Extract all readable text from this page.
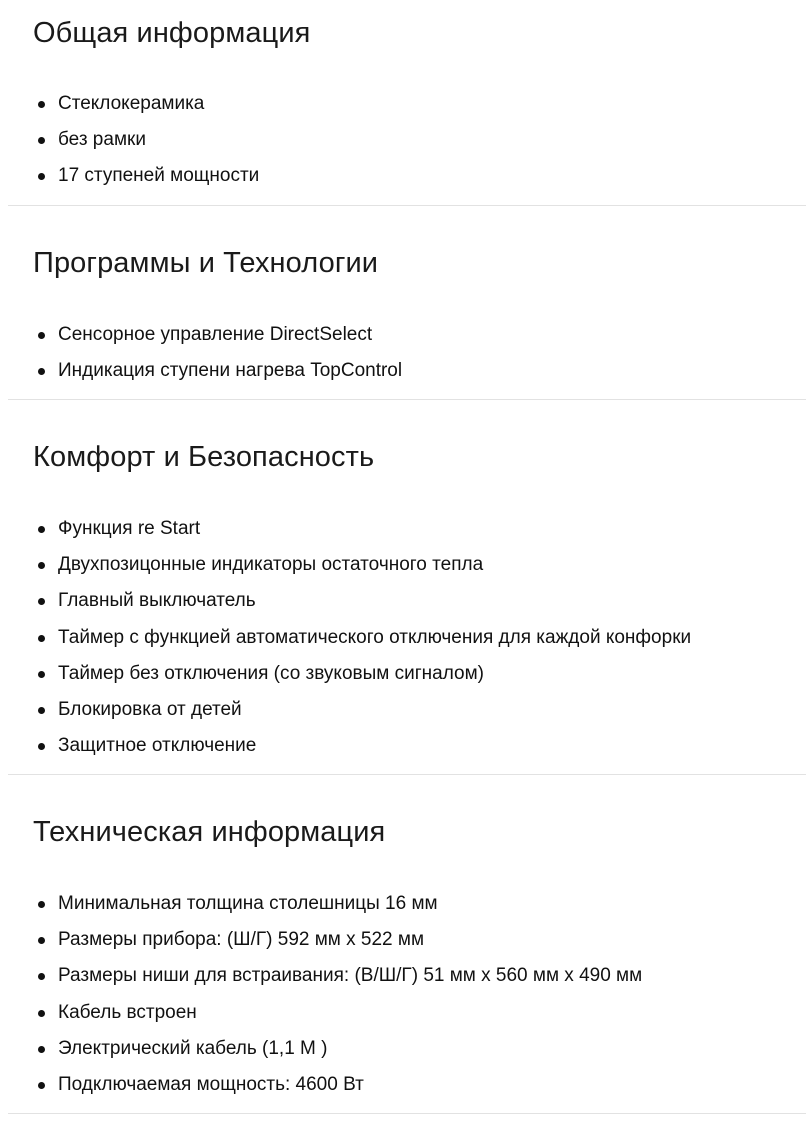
Общая информация
Стеклокерамика
без рамки
17 ступеней мощности
Программы и Технологии
Сенсорное управление DirectSelect
Индикация ступени нагрева TopControl
Комфорт и Безопасность
Функция re Start
Двухпозицонные индикаторы остаточного тепла
Главный выключатель
Таймер с функцией автоматического отключения для каждой конфорки
Таймер без отключения (со звуковым сигналом)
Блокировка от детей
Защитное отключение
Техническая информация
Минимальная толщина столешницы 16 мм
Размеры прибора: (Ш/Г) 592 мм x 522 мм
Размеры ниши для встраивания: (В/Ш/Г) 51 мм x 560 мм x 490 мм
Кабель встроен
Электрический кабель (1,1 М )
Подключаемая мощность: 4600 Вт
